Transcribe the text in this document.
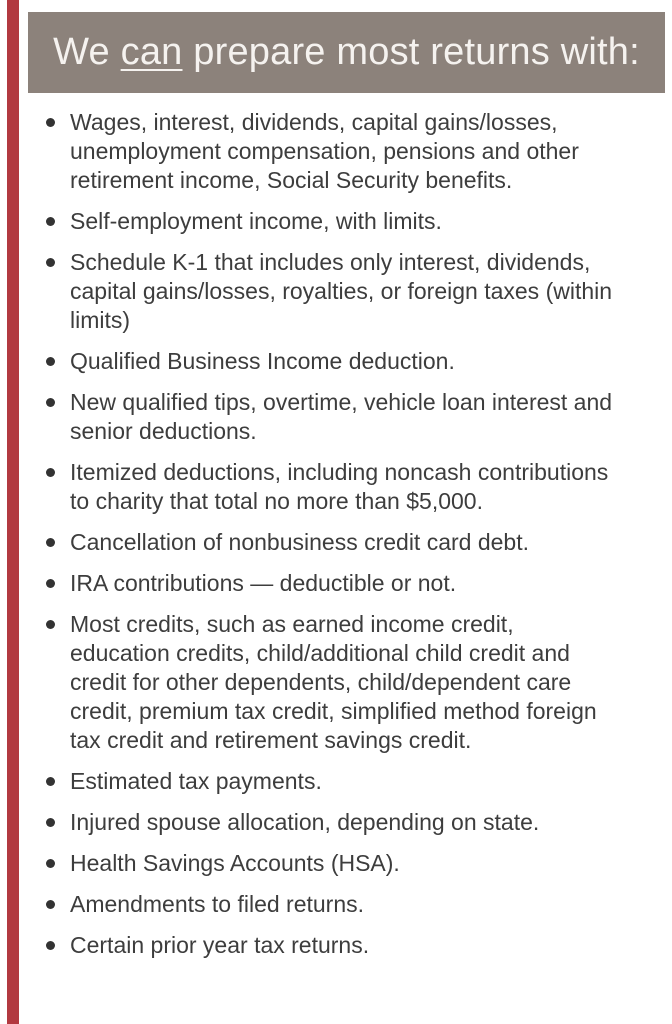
We can prepare most returns with:
Wages, interest, dividends, capital gains/losses, unemployment compensation, pensions and other retirement income, Social Security benefits.
Self-employment income, with limits.
Schedule K-1 that includes only interest, dividends, capital gains/losses, royalties, or foreign taxes (within limits)
Qualified Business Income deduction.
New qualified tips, overtime, vehicle loan interest and senior deductions.
Itemized deductions, including noncash contributions to charity that total no more than $5,000.
Cancellation of nonbusiness credit card debt.
IRA contributions — deductible or not.
Most credits, such as earned income credit, education credits, child/additional child credit and credit for other dependents, child/dependent care credit, premium tax credit, simplified method foreign tax credit and retirement savings credit.
Estimated tax payments.
Injured spouse allocation, depending on state.
Health Savings Accounts (HSA).
Amendments to filed returns.
Certain prior year tax returns.
